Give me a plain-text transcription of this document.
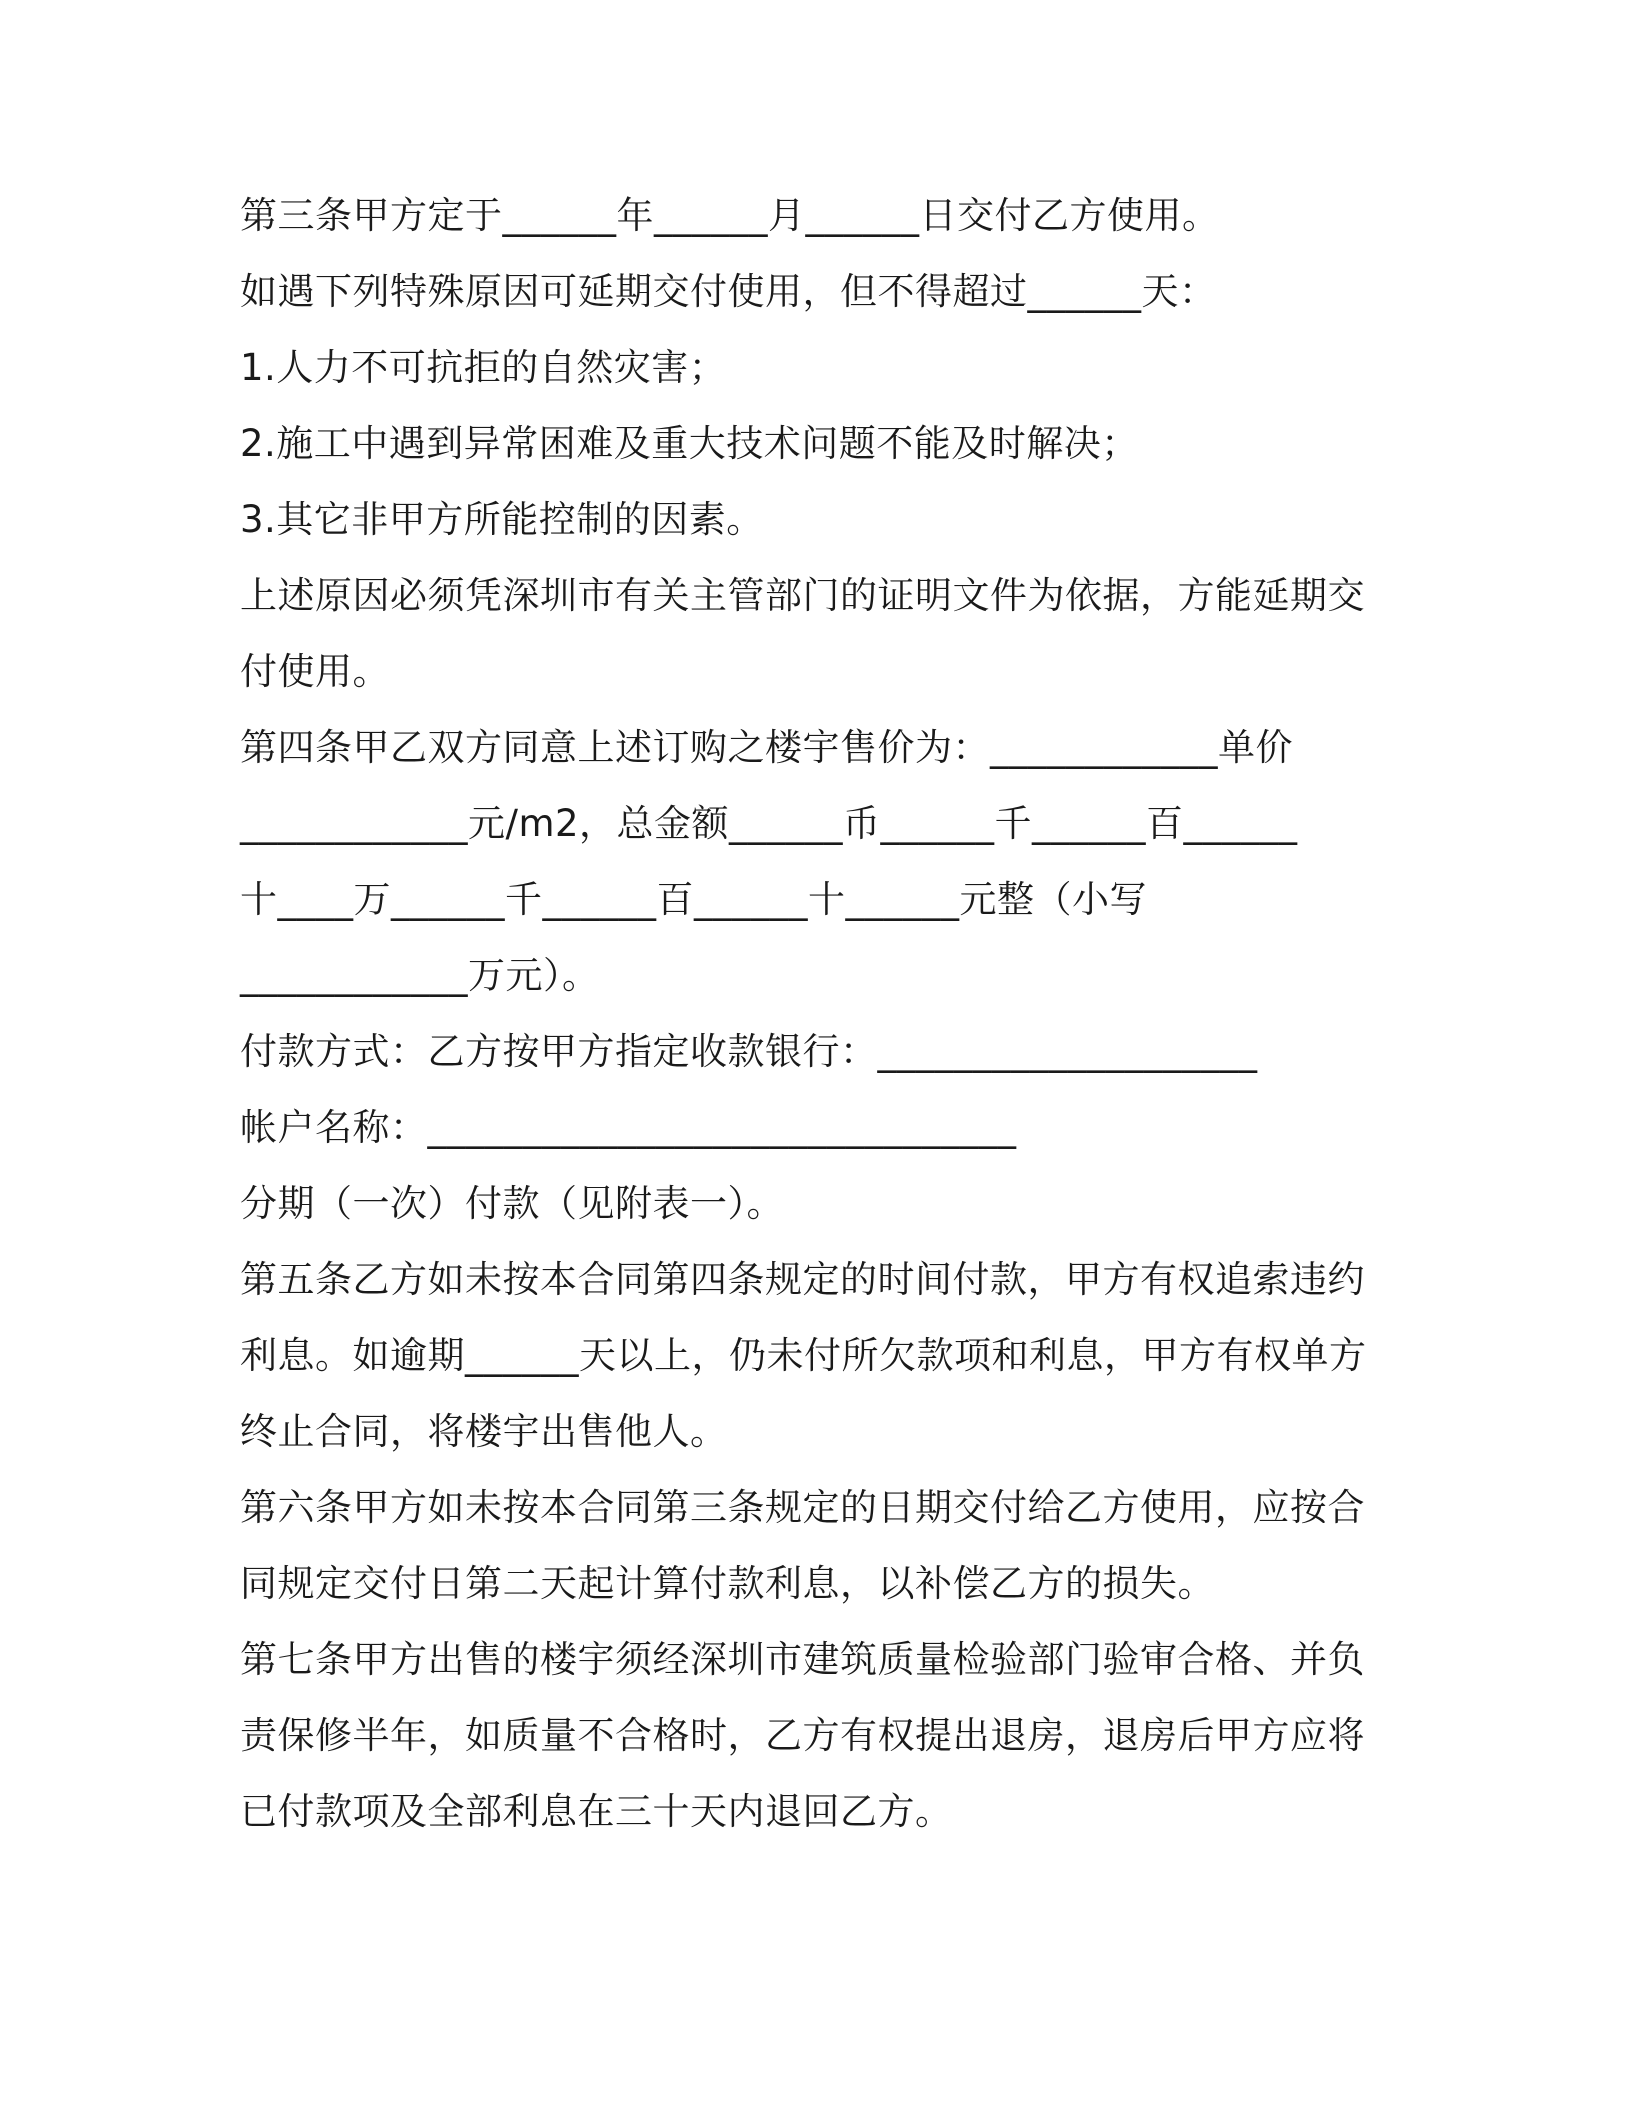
第三条甲方定于______年______月______日交付乙方使用。
如遇下列特殊原因可延期交付使用，但不得超过______天：
1.人力不可抗拒的自然灾害；
2.施工中遇到异常困难及重大技术问题不能及时解决；
3.其它非甲方所能控制的因素。
上述原因必须凭深圳市有关主管部门的证明文件为依据，方能延期交
付使用。
第四条甲乙双方同意上述订购之楼宇售价为：____________单价
____________元/m2，总金额______币______千______百______
十____万______千______百______十______元整（小写
____________万元）。
付款方式：乙方按甲方指定收款银行：____________________
帐户名称：_______________________________
分期（一次）付款（见附表一）。
第五条乙方如未按本合同第四条规定的时间付款，甲方有权追索违约
利息。如逾期______天以上，仍未付所欠款项和利息，甲方有权单方
终止合同，将楼宇出售他人。
第六条甲方如未按本合同第三条规定的日期交付给乙方使用，应按合
同规定交付日第二天起计算付款利息，以补偿乙方的损失。
第七条甲方出售的楼宇须经深圳市建筑质量检验部门验审合格、并负
责保修半年，如质量不合格时，乙方有权提出退房，退房后甲方应将
已付款项及全部利息在三十天内退回乙方。
